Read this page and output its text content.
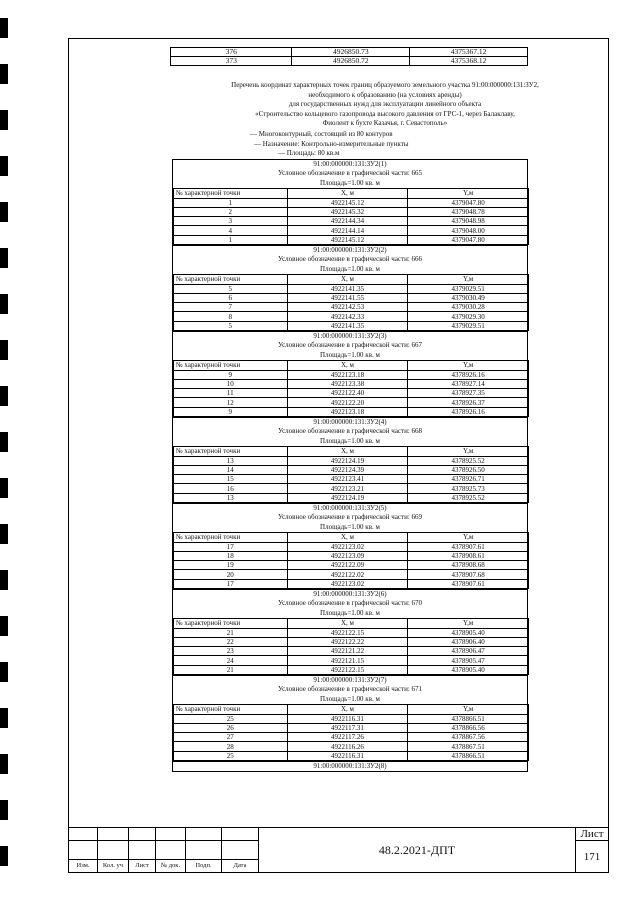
376	4926850.73	4375367.12
373	4926850.72	4375368.12

Перечень координат характерных точек границ образуемого земельного участка 91:00:000000:131:ЗУ2,

необходимого к образованию (на условиях аренды)

для государственных нужд для эксплуатации линейного объекта

«Строительство кольцевого газопровода высокого давления от ГРС-1, через Балаклаву,

Фиолент к бухте Казачья, г. Севастополь»

— Многоконтурный, состоящий из 80 контуров
— Назначение: Контрольно-измерительные пункты
— Площадь: 80 кв.м
91:00:000000:131:ЗУ2(1)
Условное обозначение в графической части: 665
Площадь=1.00 кв. м
№ характерной точки	X, м	Y,м
1	4922145.12	4379047.80
2	4922145.32	4379048.78
3	4922144.34	4379048.98
4	4922144.14	4379048.00
1	4922145.12	4379047.80
91:00:000000:131:ЗУ2(2)
Условное обозначение в графической части: 666
Площадь=1.00 кв. м
№ характерной точки	X, м	Y,м
5	4922141.35	4379029.51
6	4922141.55	4379030.49
7	4922142.53	4379030.28
8	4922142.33	4379029.30
5	4922141.35	4379029.51
91:00:000000:131:ЗУ2(3)
Условное обозначение в графической части: 667
Площадь=1.00 кв. м
№ характерной точки	X, м	Y,м
9	4922123.18	4378926.16
10	4922123.38	4378927.14
11	4922122.40	4378927.35
12	4922122.20	4378926.37
9	4922123.18	4378926.16
91:00:000000:131:ЗУ2(4)
Условное обозначение в графической части: 668
Площадь=1.00 кв. м
№ характерной точки	X, м	Y,м
13	4922124.19	4378925.52
14	4922124.39	4378926.50
15	4922123.41	4378926.71
16	4922123.21	4378925.73
13	4922124.19	4378925.52
91:00:000000:131:ЗУ2(5)
Условное обозначение в графической части: 669
Площадь=1.00 кв. м
№ характерной точки	X, м	Y,м
17	4922123.02	4378907.61
18	4922123.09	4378908.61
19	4922122.09	4378908.68
20	4922122.02	4378907.68
17	4922123.02	4378907.61
91:00:000000:131:ЗУ2(6)
Условное обозначение в графической части: 670
Площадь=1.00 кв. м
№ характерной точки	X, м	Y,м
21	4922122.15	4378905.40
22	4922122.22	4378906.40
23	4922121.22	4378906.47
24	4922121.15	4378905.47
21	4922122.15	4378905.40
91:00:000000:131:ЗУ2(7)
Условное обозначение в графической части: 671
Площадь=1.00 кв. м
№ характерной точки	X, м	Y,м
25	4922116.31	4378866.51
26	4922117.31	4378866.56
27	4922117.26	4378867.56
28	4922116.26	4378867.51
25	4922116.31	4378866.51
91:00:000000:131:ЗУ2(8)
						48.2.2021-ДПТ	Лист
							171
Изм.	Кол. уч	Лист	№ док.	Подп.	Дата		
